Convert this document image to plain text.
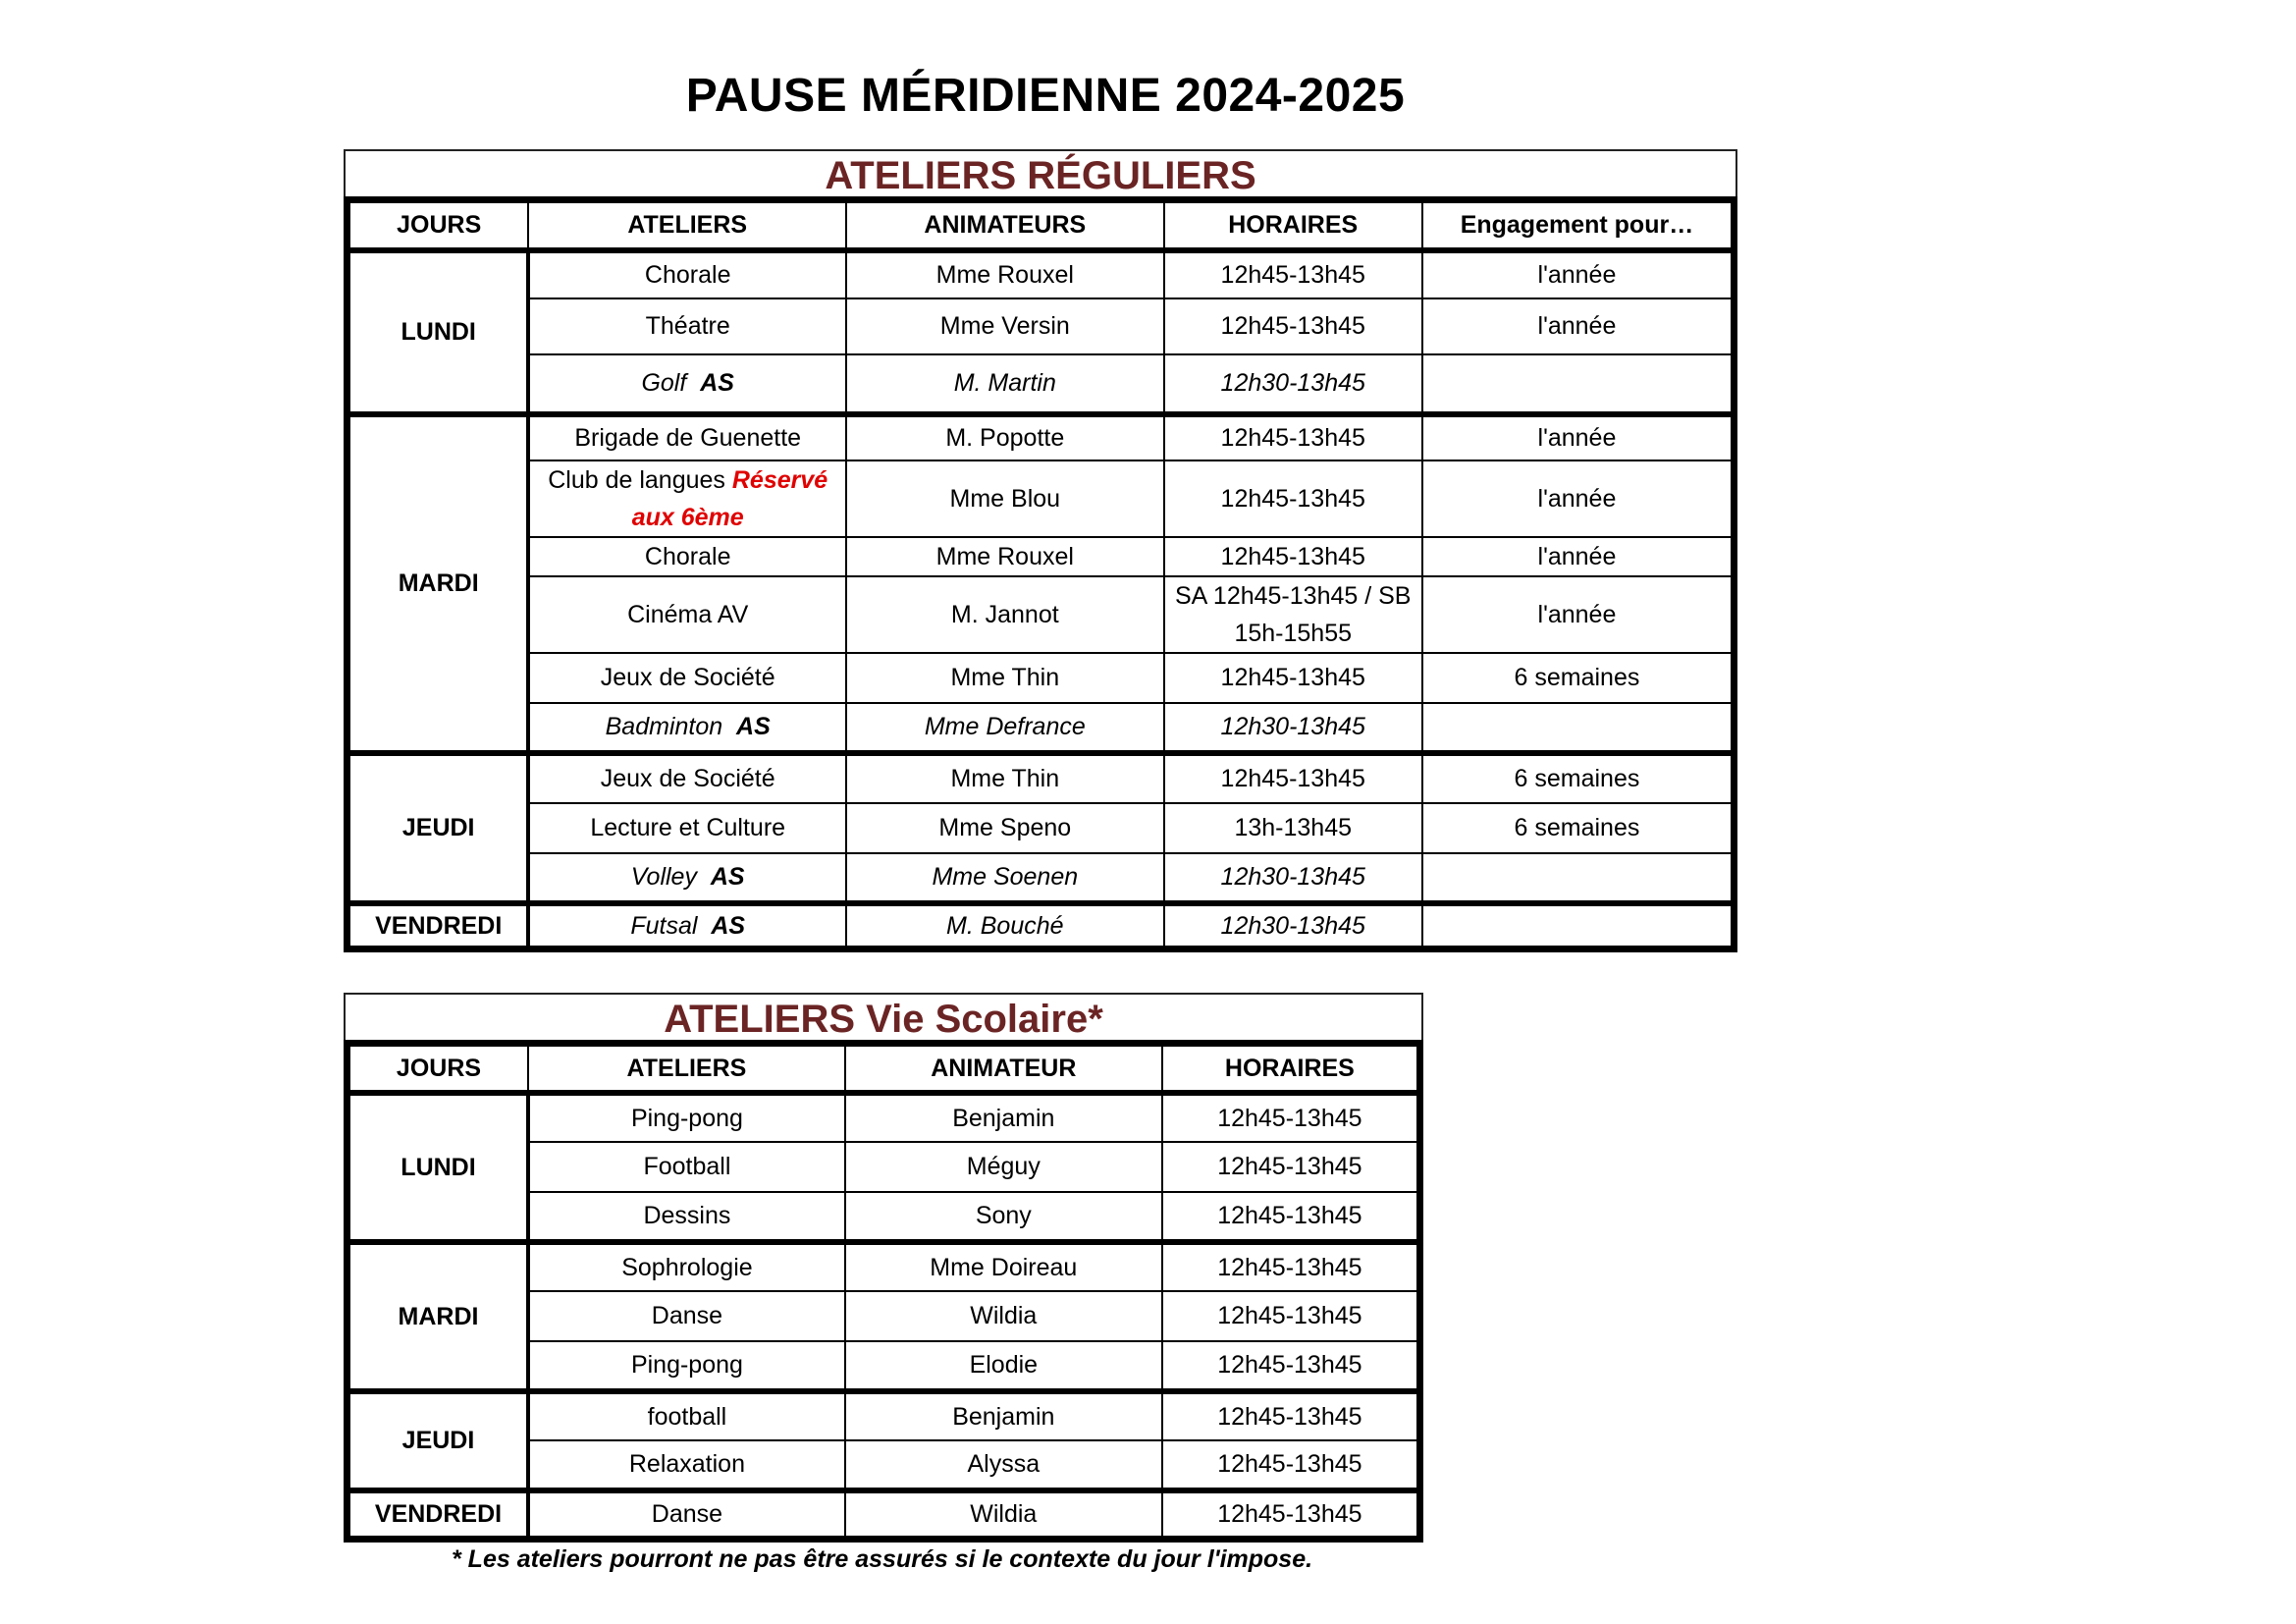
PAUSE MÉRIDIENNE 2024-2025
ATELIERS RÉGULIERS
JOURS	ATELIERS	ANIMATEURS	HORAIRES	Engagement pour…
LUNDI	Chorale	Mme Rouxel	12h45-13h45	l'année
	Théatre	Mme Versin	12h45-13h45	l'année
	Golf AS	M. Martin	12h30-13h45	
MARDI	Brigade de Guenette	M. Popotte	12h45-13h45	l'année
	Club de langues Réservé aux 6ème	Mme Blou	12h45-13h45	l'année
	Chorale	Mme Rouxel	12h45-13h45	l'année
	Cinéma AV	M. Jannot	SA 12h45-13h45 / SB 15h-15h55	l'année
	Jeux de Société	Mme Thin	12h45-13h45	6 semaines
	Badminton AS	Mme Defrance	12h30-13h45	
JEUDI	Jeux de Société	Mme Thin	12h45-13h45	6 semaines
	Lecture et Culture	Mme Speno	13h-13h45	6 semaines
	Volley AS	Mme Soenen	12h30-13h45	
VENDREDI	Futsal AS	M. Bouché	12h30-13h45	
ATELIERS Vie Scolaire*
JOURS	ATELIERS	ANIMATEUR	HORAIRES
LUNDI	Ping-pong	Benjamin	12h45-13h45
	Football	Méguy	12h45-13h45
	Dessins	Sony	12h45-13h45
MARDI	Sophrologie	Mme Doireau	12h45-13h45
	Danse	Wildia	12h45-13h45
	Ping-pong	Elodie	12h45-13h45
JEUDI	football	Benjamin	12h45-13h45
	Relaxation	Alyssa	12h45-13h45
VENDREDI	Danse	Wildia	12h45-13h45
* Les ateliers pourront ne pas être assurés si le contexte du jour l'impose.
